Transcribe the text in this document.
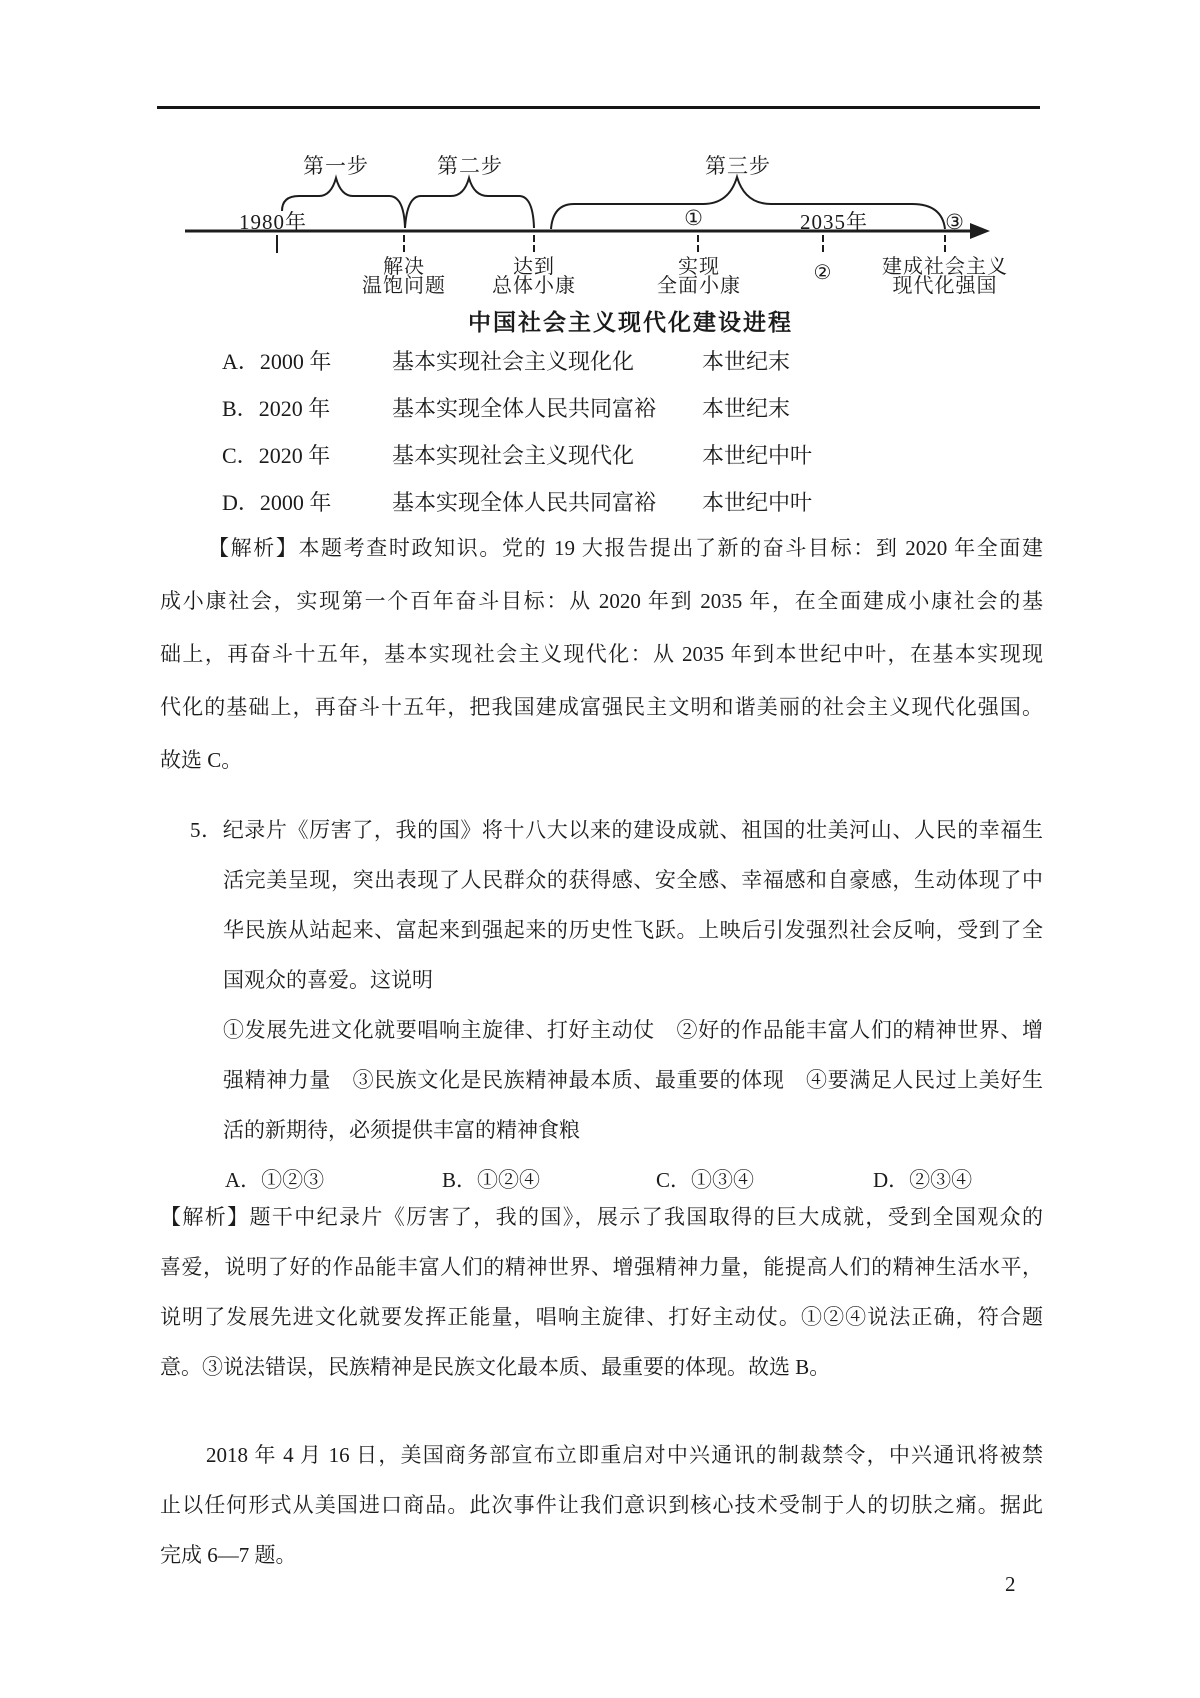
第一步	第二步	第三步
1980年	①	2035年	③
解决
温饱问题
达到
总体小康
实现
全面小康
② 建成社会主义
现代化强国
中国社会主义现代化建设进程
A．2000 年	基本实现社会主义现化化	本世纪末
B．2020 年	基本实现全体人民共同富裕	本世纪末
C．2020 年	基本实现社会主义现代化	本世纪中叶
D．2000 年	基本实现全体人民共同富裕	本世纪中叶
【解析】本题考查时政知识。党的 19 大报告提出了新的奋斗目标：到 2020 年全面建
成小康社会，实现第一个百年奋斗目标：从 2020 年到 2035 年，在全面建成小康社会的基
础上，再奋斗十五年，基本实现社会主义现代化：从 2035 年到本世纪中叶，在基本实现现
代化的基础上，再奋斗十五年，把我国建成富强民主文明和谐美丽的社会主义现代化强国。
故选 C。
5．纪录片《厉害了，我的国》将十八大以来的建设成就、祖国的壮美河山、人民的幸福生
活完美呈现，突出表现了人民群众的获得感、安全感、幸福感和自豪感，生动体现了中
华民族从站起来、富起来到强起来的历史性飞跃。上映后引发强烈社会反响，受到了全
国观众的喜爱。这说明
①发展先进文化就要唱响主旋律、打好主动仗　②好的作品能丰富人们的精神世界、增
强精神力量　③民族文化是民族精神最本质、最重要的体现　④要满足人民过上美好生
活的新期待，必须提供丰富的精神食粮
A．①②③	B．①②④	C．①③④	D．②③④
【解析】题干中纪录片《厉害了，我的国》，展示了我国取得的巨大成就，受到全国观众的
喜爱，说明了好的作品能丰富人们的精神世界、增强精神力量，能提高人们的精神生活水平，
说明了发展先进文化就要发挥正能量，唱响主旋律、打好主动仗。①②④说法正确，符合题
意。③说法错误，民族精神是民族文化最本质、最重要的体现。故选 B。
2018 年 4 月 16 日，美国商务部宣布立即重启对中兴通讯的制裁禁令，中兴通讯将被禁
止以任何形式从美国进口商品。此次事件让我们意识到核心技术受制于人的切肤之痛。据此
完成 6—7 题。
2
